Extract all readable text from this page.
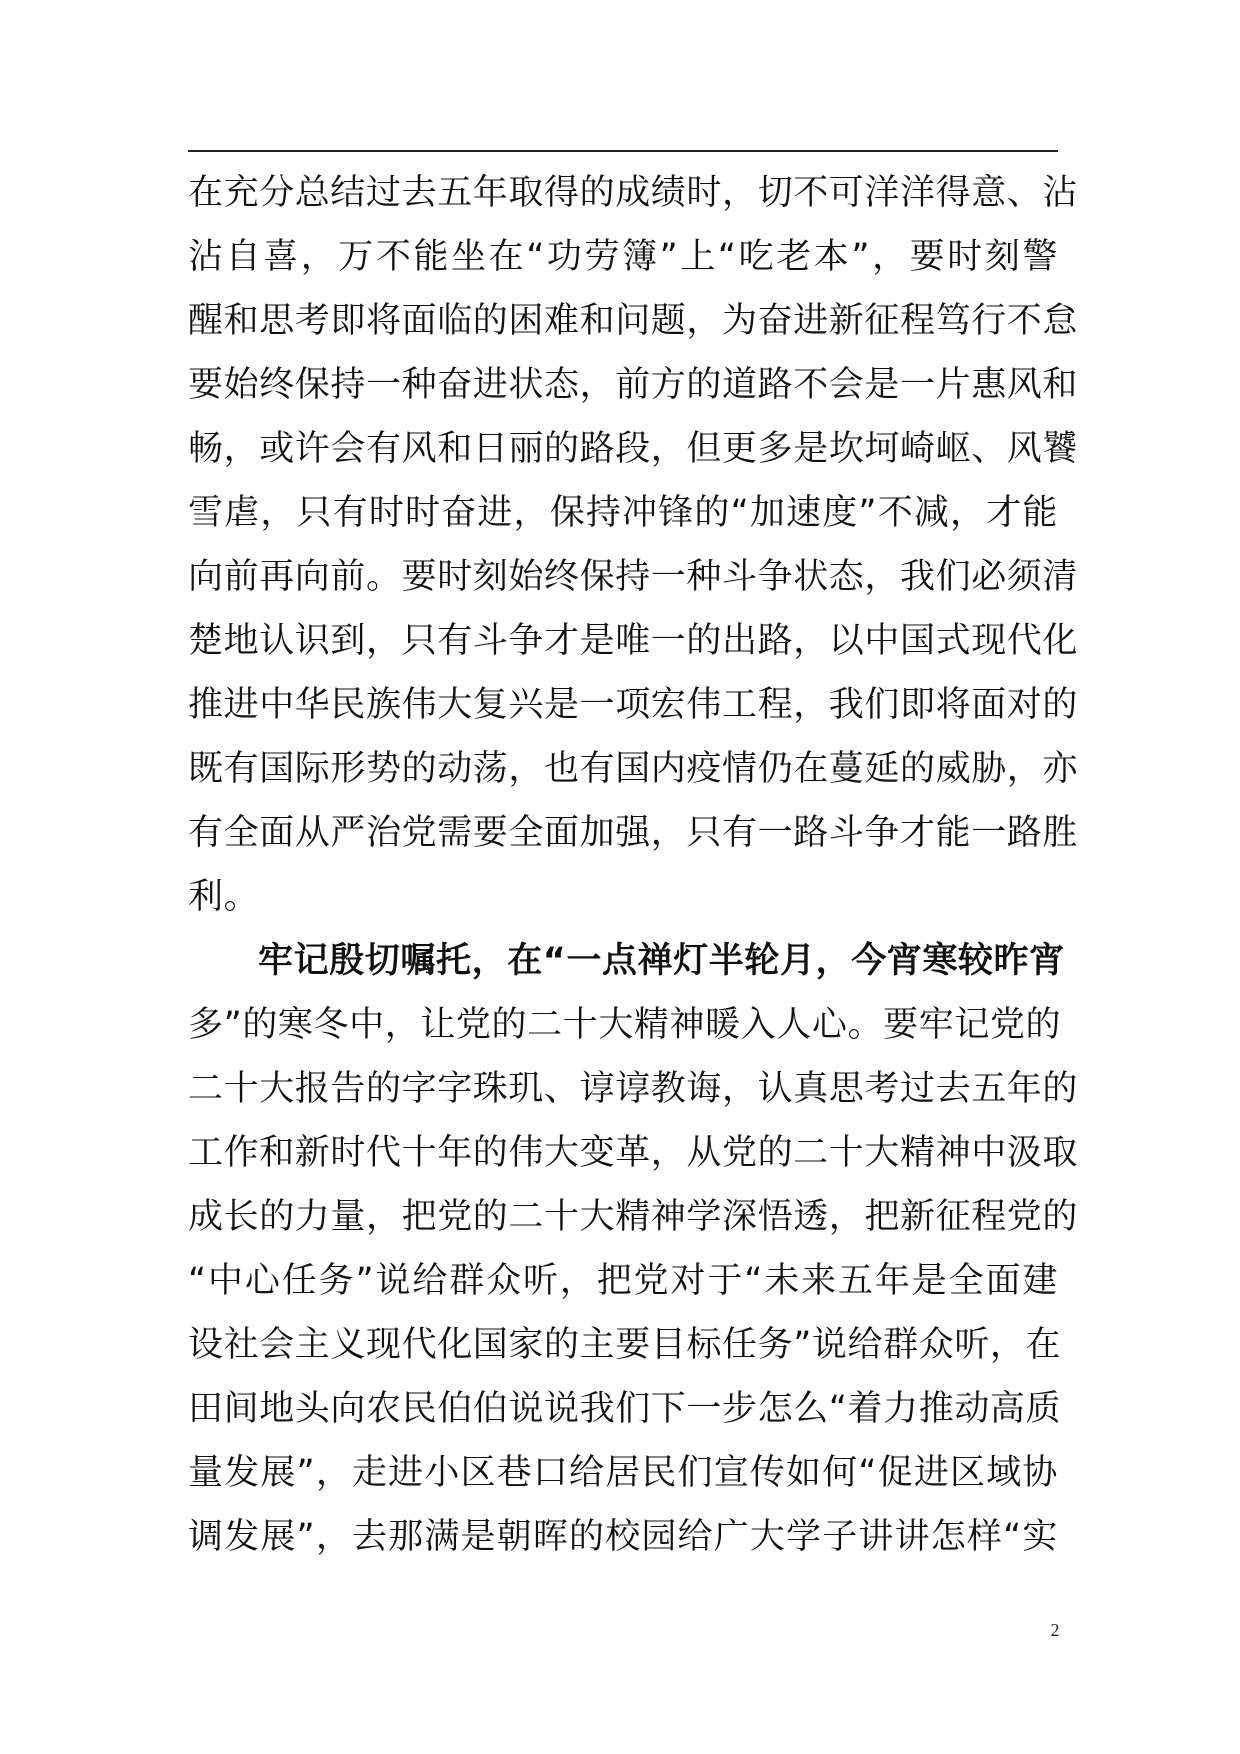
在充分总结过去五年取得的成绩时，切不可洋洋得意、沾
沾自喜，万不能坐在“功劳簿”上“吃老本”，要时刻警
醒和思考即将面临的困难和问题，为奋进新征程笃行不怠
要始终保持一种奋进状态，前方的道路不会是一片惠风和
畅，或许会有风和日丽的路段，但更多是坎坷崎岖、风饕
雪虐，只有时时奋进，保持冲锋的“加速度”不减，才能
向前再向前。要时刻始终保持一种斗争状态，我们必须清
楚地认识到，只有斗争才是唯一的出路，以中国式现代化
推进中华民族伟大复兴是一项宏伟工程，我们即将面对的
既有国际形势的动荡，也有国内疫情仍在蔓延的威胁，亦
有全面从严治党需要全面加强，只有一路斗争才能一路胜
利。
牢记殷切嘱托，在“一点禅灯半轮月，今宵寒较昨宵
多”的寒冬中，让党的二十大精神暖入人心。要牢记党的
二十大报告的字字珠玑、谆谆教诲，认真思考过去五年的
工作和新时代十年的伟大变革，从党的二十大精神中汲取
成长的力量，把党的二十大精神学深悟透，把新征程党的
“中心任务”说给群众听，把党对于“未来五年是全面建
设社会主义现代化国家的主要目标任务”说给群众听，在
田间地头向农民伯伯说说我们下一步怎么“着力推动高质
量发展”，走进小区巷口给居民们宣传如何“促进区域协
调发展”，去那满是朝晖的校园给广大学子讲讲怎样“实
2
